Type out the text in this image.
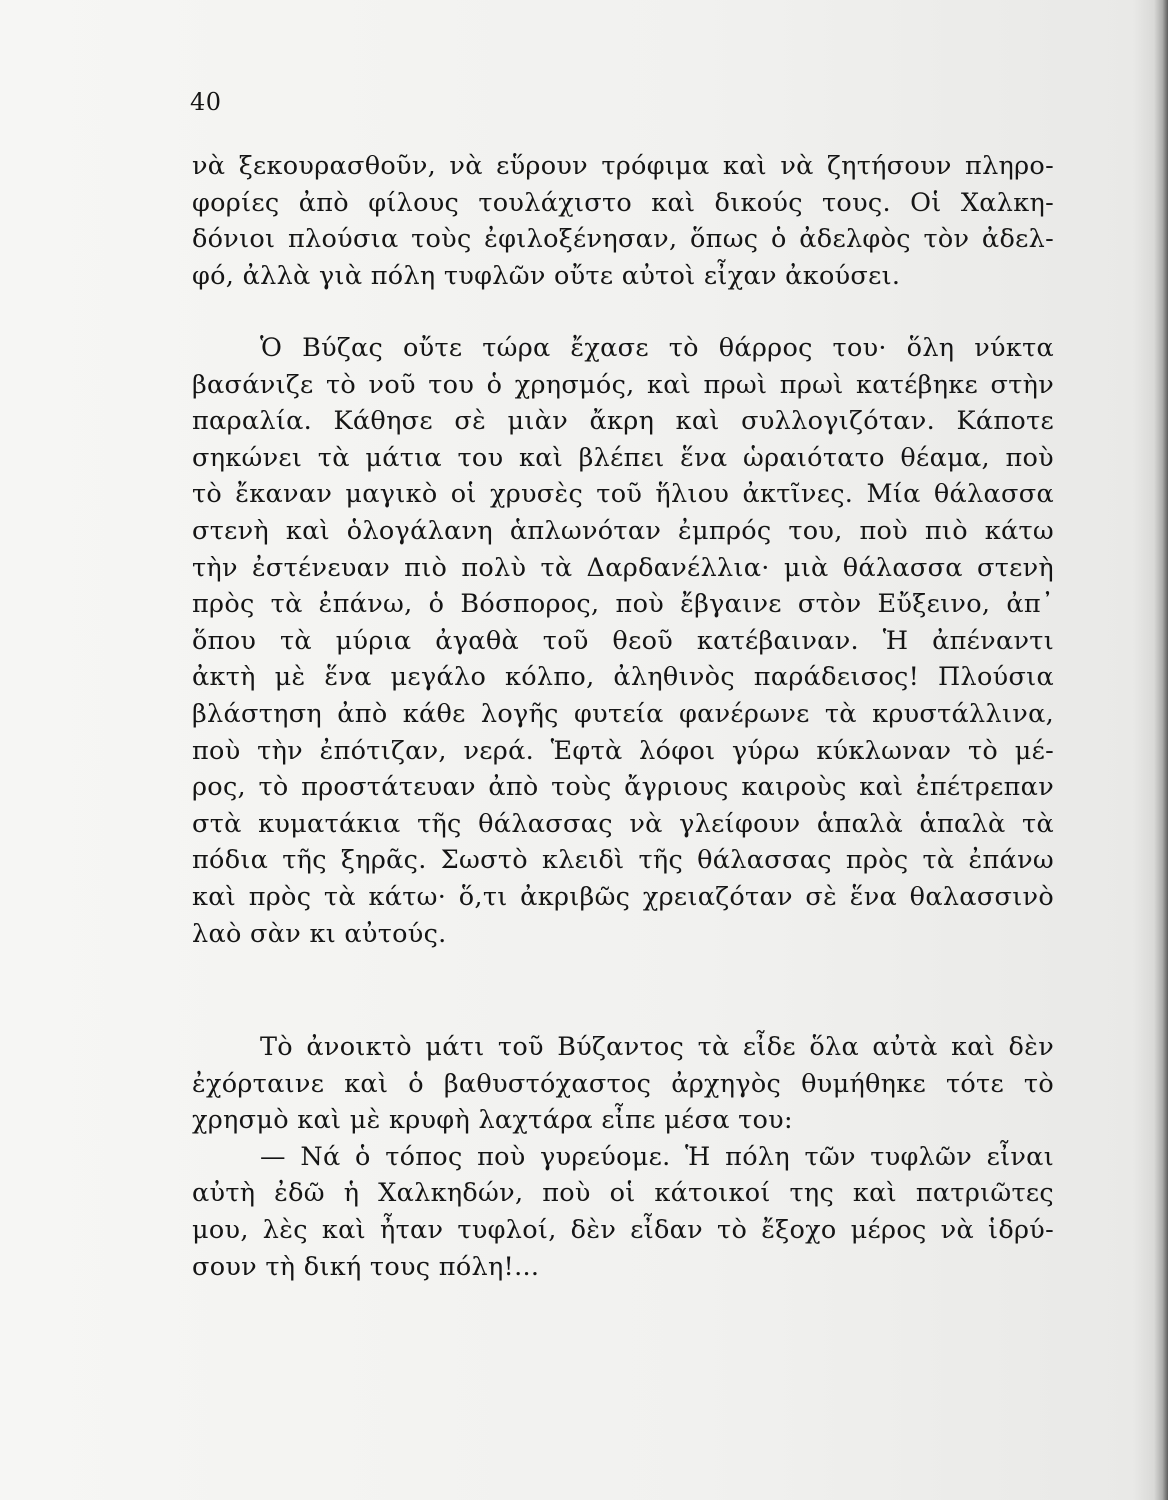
40
νὰ ξεκουρασθοῦν, νὰ εὕρουν τρόφιμα καὶ νὰ ζητήσουν πληρο-
φορίες ἀπὸ φίλους τουλάχιστο καὶ δικούς τους. Οἱ Χαλκη-
δόνιοι πλούσια τοὺς ἐφιλοξένησαν, ὅπως ὁ ἀδελφὸς τὸν ἀδελ-
φό, ἀλλὰ γιὰ πόλη τυφλῶν οὔτε αὐτοὶ εἶχαν ἀκούσει.
Ὁ Βύζας οὔτε τώρα ἔχασε τὸ θάρρος του· ὅλη νύκτα
βασάνιζε τὸ νοῦ του ὁ χρησμός, καὶ πρωὶ πρωὶ κατέβηκε στὴν
παραλία. Κάθησε σὲ μιὰν ἄκρη καὶ συλλογιζόταν. Κάποτε
σηκώνει τὰ μάτια του καὶ βλέπει ἕνα ὡραιότατο θέαμα, ποὺ
τὸ ἔκαναν μαγικὸ οἱ χρυσὲς τοῦ ἥλιου ἀκτῖνες. Μία θάλασσα
στενὴ καὶ ὁλογάλανη ἁπλωνόταν ἐμπρός του, ποὺ πιὸ κάτω
τὴν ἐστένευαν πιὸ πολὺ τὰ Δαρδανέλλια· μιὰ θάλασσα στενὴ
πρὸς τὰ ἐπάνω, ὁ Βόσπορος, ποὺ ἔβγαινε στὸν Εὔξεινο, ἀπ᾽
ὅπου τὰ μύρια ἀγαθὰ τοῦ θεοῦ κατέβαιναν. Ἡ ἀπέναντι
ἀκτὴ μὲ ἕνα μεγάλο κόλπο, ἀληθινὸς παράδεισος! Πλούσια
βλάστηση ἀπὸ κάθε λογῆς φυτεία φανέρωνε τὰ κρυστάλλινα,
ποὺ τὴν ἐπότιζαν, νερά. Ἑφτὰ λόφοι γύρω κύκλωναν τὸ μέ-
ρος, τὸ προστάτευαν ἀπὸ τοὺς ἄγριους καιροὺς καὶ ἐπέτρεπαν
στὰ κυματάκια τῆς θάλασσας νὰ γλείφουν ἁπαλὰ ἁπαλὰ τὰ
πόδια τῆς ξηρᾶς. Σωστὸ κλειδὶ τῆς θάλασσας πρὸς τὰ ἐπάνω
καὶ πρὸς τὰ κάτω· ὅ,τι ἀκριβῶς χρειαζόταν σὲ ἕνα θαλασσινὸ
λαὸ σὰν κι αὐτούς.
Τὸ ἀνοικτὸ μάτι τοῦ Βύζαντος τὰ εἶδε ὅλα αὐτὰ καὶ δὲν
ἐχόρταινε καὶ ὁ βαθυστόχαστος ἀρχηγὸς θυμήθηκε τότε τὸ
χρησμὸ καὶ μὲ κρυφὴ λαχτάρα εἶπε μέσα του:
— Νά ὁ τόπος ποὺ γυρεύομε. Ἡ πόλη τῶν τυφλῶν εἶναι
αὐτὴ ἐδῶ ἡ Χαλκηδών, ποὺ οἱ κάτοικοί της καὶ πατριῶτες
μου, λὲς καὶ ἦταν τυφλοί, δὲν εἶδαν τὸ ἔξοχο μέρος νὰ ἱδρύ-
σουν τὴ δική τους πόλη!...
